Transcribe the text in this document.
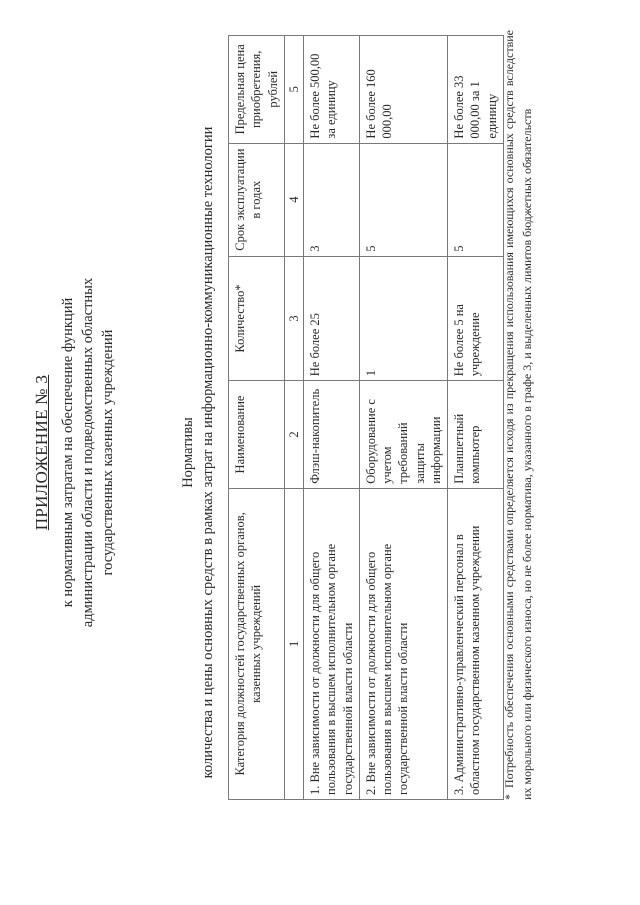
ПРИЛОЖЕНИЕ № 3 к нормативным затратам на обеспечение функций администрации области и подведомственных областных государственных казенных учреждений	Нормативы количества и цены основных средств в рамках затрат на информационно-коммуникационные технологии Категория должностей государственных органов, казенных учреждений	Наименование	Количество*	Срок эксплуатации в годах	Предельная цена приобретения, рублей
1	2	3	4	5
1. Вне зависимости от должности для общего пользования в высшем исполнительном органе государственной власти области	Флэш-накопитель	Не более 25	3	Не более 500,00 за единицу
2. Вне зависимости от должности для общего пользования в высшем исполнительном органе государственной власти области	Оборудование с учетом требований защиты информации	1	5	Не более 160 000,00
3. Административно-управленческий персонал в областном государственном казенном учреждении	Планшетный компьютер	Не более 5 на учреждение	5	Не более 33 000,00 за 1 единицу
*Потребность обеспечения основными средствами определяется исходя из прекращения использования имеющихся основных средств вследствие их морального или физического износа, но не более норматива, указанного в графе 3, и выделенных лимитов бюджетных обязательств
